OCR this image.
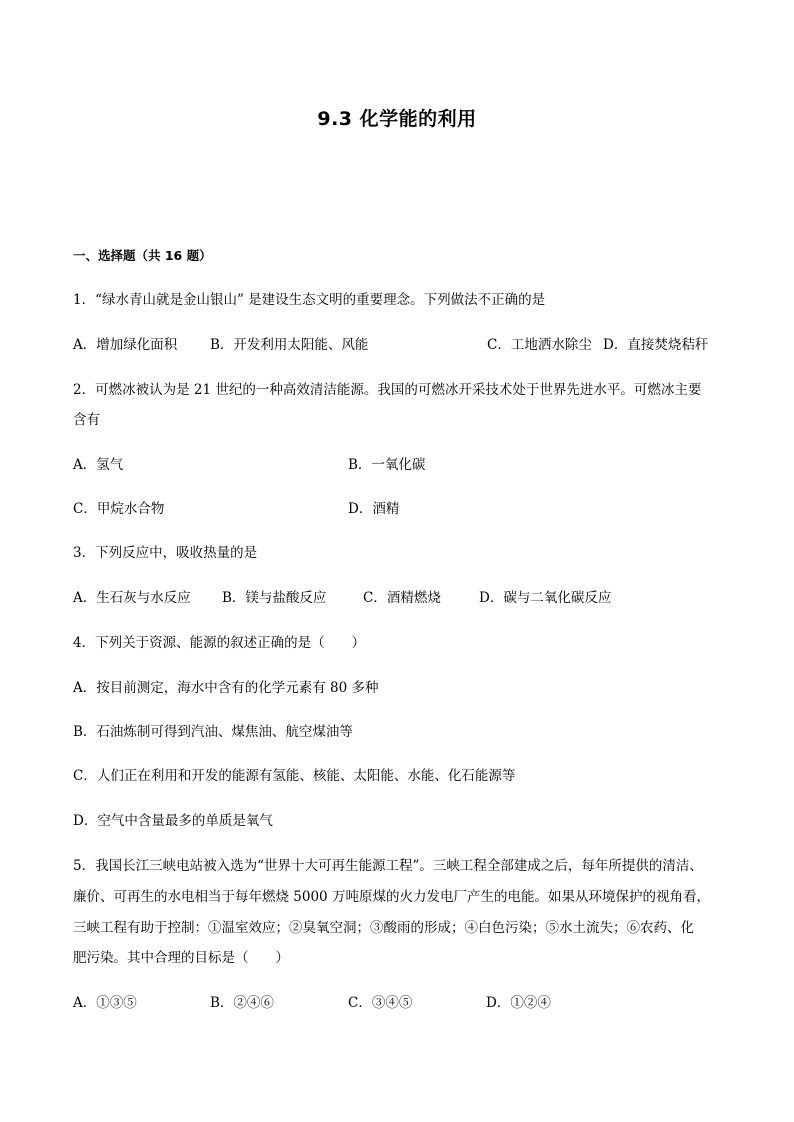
9.3 化学能的利用
一、选择题（共 16 题）
1．“绿水青山就是金山银山” 是建设生态文明的重要理念。下列做法不正确的是
A．增加绿化面积 B．开发利用太阳能、风能	C．工地洒水除尘 D．直接焚烧秸秆
2．可燃冰被认为是 21 世纪的一种高效清洁能源。我国的可燃冰开采技术处于世界先进水平。可燃冰主要
含有
A．氢气	B．一氧化碳
C．甲烷水合物	D．酒精
3．下列反应中，吸收热量的是
A．生石灰与水反应 B．镁与盐酸反应	C．酒精燃烧	D．碳与二氧化碳反应
4．下列关于资源、能源的叙述正确的是（　　）
A．按目前测定，海水中含有的化学元素有 80 多种
B．石油炼制可得到汽油、煤焦油、航空煤油等
C．人们正在利用和开发的能源有氢能、核能、太阳能、水能、化石能源等
D．空气中含量最多的单质是氧气
5．我国长江三峡电站被入选为“世界十大可再生能源工程”。三峡工程全部建成之后，每年所提供的清洁、
廉价、可再生的水电相当于每年燃烧 5000 万吨原煤的火力发电厂产生的电能。如果从环境保护的视角看，
三峡工程有助于控制：①温室效应；②臭氧空洞；③酸雨的形成；④白色污染；⑤水土流失；⑥农药、化
肥污染。其中合理的目标是（　　）
A．①③⑤	B．②④⑥	C．③④⑤	D．①②④
